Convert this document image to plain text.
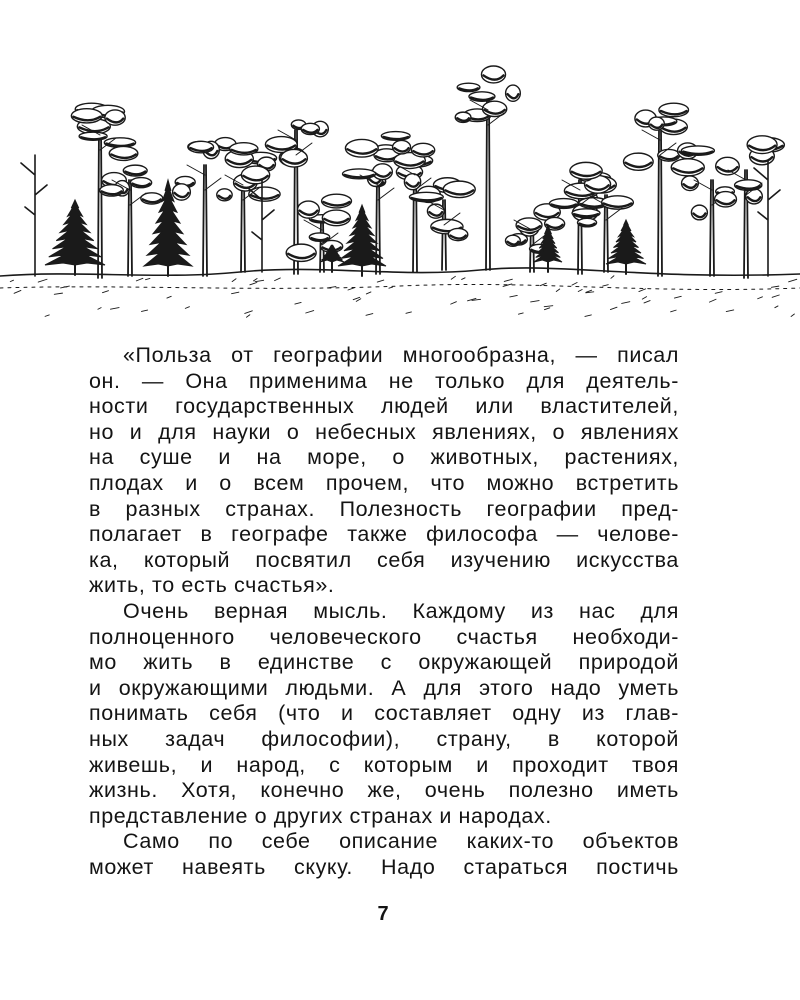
«Польза от географии многообразна, — писал
он. — Она применима не только для деятель-
ности государственных людей или властителей,
но и для науки о небесных явлениях, о явлениях
на суше и на море, о животных, растениях,
плодах и о всем прочем, что можно встретить
в разных странах. Полезность географии пред-
полагает в географе также философа — челове-
ка, который посвятил себя изучению искусства
жить, то есть счастья».
Очень верная мысль. Каждому из нас для
полноценного человеческого счастья необходи-
мо жить в единстве с окружающей природой
и окружающими людьми. А для этого надо уметь
понимать себя (что и составляет одну из глав-
ных задач философии), страну, в которой
живешь, и народ, с которым и проходит твоя
жизнь. Хотя, конечно же, очень полезно иметь
представление о других странах и народах.
Само по себе описание каких-то объектов
может навеять скуку. Надо стараться постичь
7
